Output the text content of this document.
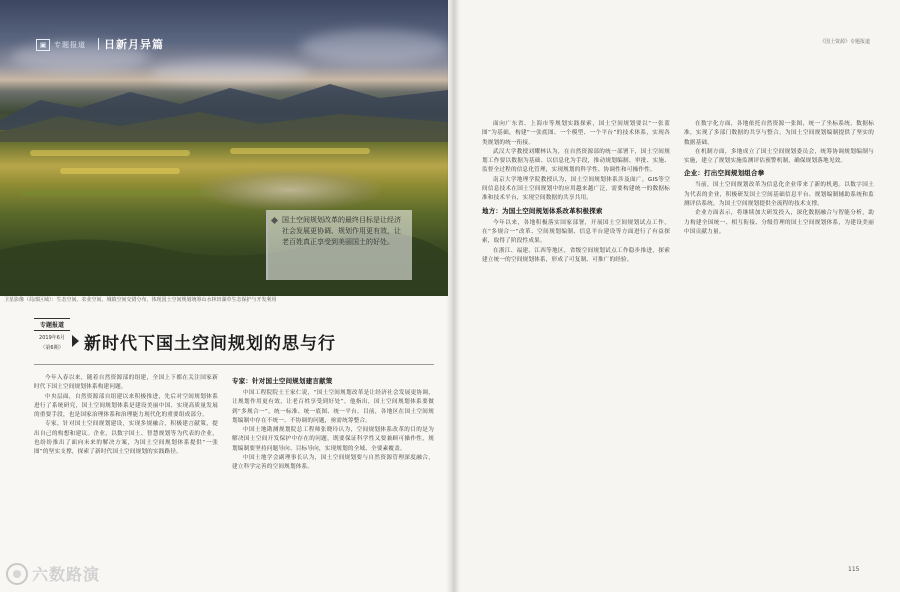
▣	专题报道 日新月异篇
国土空间规划改革的最终目标是让经济社会发展更协调、规划作用更有效，让老百姓真正享受到美丽国土的好处。
卫星影像（局部区域）：生态空间、农业空间、城镇空间交错分布，体现国土空间规划统筹山水林田湖草生态保护与开发利用
专题报道
2019年6月
（第6期）	新时代下国土空间规划的思与行

今年入春以来，随着自然资源部的组建，全国上下都在关注国家新时代下国土空间规划体系构建问题。

中央层面，自然资源部自组建以来积极推进，先后对空间规划体系进行了系统研究，国土空间规划体系是建设美丽中国、实现高质量发展的重要手段，也是国家治理体系和治理能力现代化的重要组成部分。

专家，针对国土空间规划建设，实现多规融合，积极建言献策，提出自己的构想和建议。企业，以数字国土、智慧规划等为代表的企业，也纷纷推出了面向未来的解决方案，为国土空间规划体系提供“一张图”的坚实支撑，探索了新时代国土空间规划的实践路径。

专家：针对国土空间规划建言献策

中国工程院院士王家仁说，“国土空间规划改革是让经济社会发展更协调，让规划作用更有效，让老百姓享受到好处”。他指出，国土空间规划体系要做到“多规合一”，统一标准、统一底图、统一平台。目前，各地区在国土空间规划编制中存在不统一、不协调的问题，亟需统筹整合。

中国土地勘测规划院总工程师张晓玲认为，空间规划体系改革的目的是为解决国土空间开发保护中存在的问题，既要保证科学性又要兼顾可操作性，规划编制要坚持问题导向、目标导向，实现规划的全域、全要素覆盖。

中国土地学会副理事长认为，国土空间规划要与自然资源管理深度融合，建立科学完善的空间规划体系。

面向广东省、上海市等规划实践探索，国土空间规划要以“一张蓝图”为基础，构建“一张底图、一个模型、一个平台”的技术体系，实现各类规划的统一衔接。

武汉大学教授刘耀林认为，在自然资源部的统一部署下，国土空间规划工作要以数据为基础、以信息化为手段，推动规划编制、审批、实施、监督全过程的信息化管理，实现规划的科学性、协调性和可操作性。

南京大学地理学院教授认为，国土空间规划体系涉及面广，GIS等空间信息技术在国土空间规划中的应用越来越广泛，需要构建统一的数据标准和技术平台，实现空间数据的共享共用。

地方：为国土空间规划体系改革积极探索

今年以来，各地积极落实国家部署，开展国土空间规划试点工作，在“多规合一”改革、空间规划编制、信息平台建设等方面进行了有益探索，取得了阶段性成果。

在浙江、福建、江西等地区，省级空间规划试点工作稳步推进，探索建立统一的空间规划体系，形成了可复制、可推广的经验。

在数字化方面，各地依托自然资源一张图，统一了坐标系统、数据标准，实现了多部门数据的共享与整合，为国土空间规划编制提供了坚实的数据基础。

在机制方面，多地成立了国土空间规划委员会，统筹协调规划编制与实施，建立了规划实施监测评估预警机制，确保规划落地见效。

企业：打出空间规划组合拳

当前，国土空间规划改革为信息化企业带来了新的机遇。以数字国土为代表的企业，积极研发国土空间基础信息平台、规划编制辅助系统和监测评估系统，为国土空间规划提供全流程的技术支撑。

企业方面表示，将继续加大研发投入，深化数据融合与智能分析，助力构建全国统一、相互衔接、分级管理的国土空间规划体系，为建设美丽中国贡献力量。

《国土资源》专题报道
115
六数路演
